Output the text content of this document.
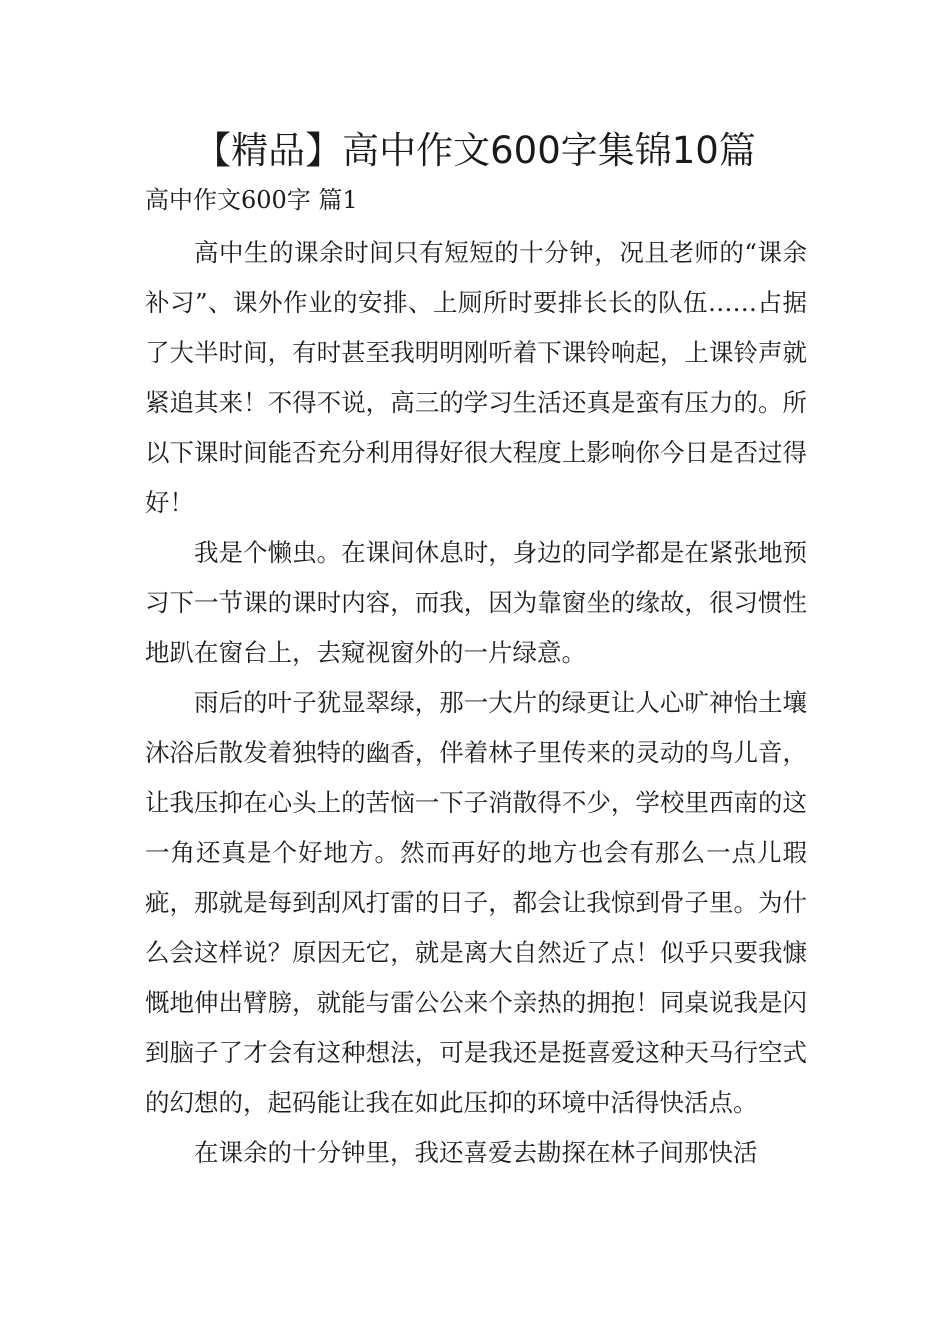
【精品】高中作文600字集锦10篇
高中作文600字 篇1

高中生的课余时间只有短短的十分钟，况且老师的“课余补习”、课外作业的安排、上厕所时要排长长的队伍……占据了大半时间，有时甚至我明明刚听着下课铃响起，上课铃声就紧追其来！不得不说，高三的学习生活还真是蛮有压力的。所以下课时间能否充分利用得好很大程度上影响你今日是否过得好！

我是个懒虫。在课间休息时，身边的同学都是在紧张地预习下一节课的课时内容，而我，因为靠窗坐的缘故，很习惯性地趴在窗台上，去窥视窗外的一片绿意。

雨后的叶子犹显翠绿，那一大片的绿更让人心旷神怡土壤沐浴后散发着独特的幽香，伴着林子里传来的灵动的鸟儿音，让我压抑在心头上的苦恼一下子消散得不少，学校里西南的这一角还真是个好地方。然而再好的地方也会有那么一点儿瑕疵，那就是每到刮风打雷的日子，都会让我惊到骨子里。为什么会这样说？原因无它，就是离大自然近了点！似乎只要我慷慨地伸出臂膀，就能与雷公公来个亲热的拥抱！同桌说我是闪到脑子了才会有这种想法，可是我还是挺喜爱这种天马行空式的幻想的，起码能让我在如此压抑的环境中活得快活点。

在课余的十分钟里，我还喜爱去勘探在林子间那快活
